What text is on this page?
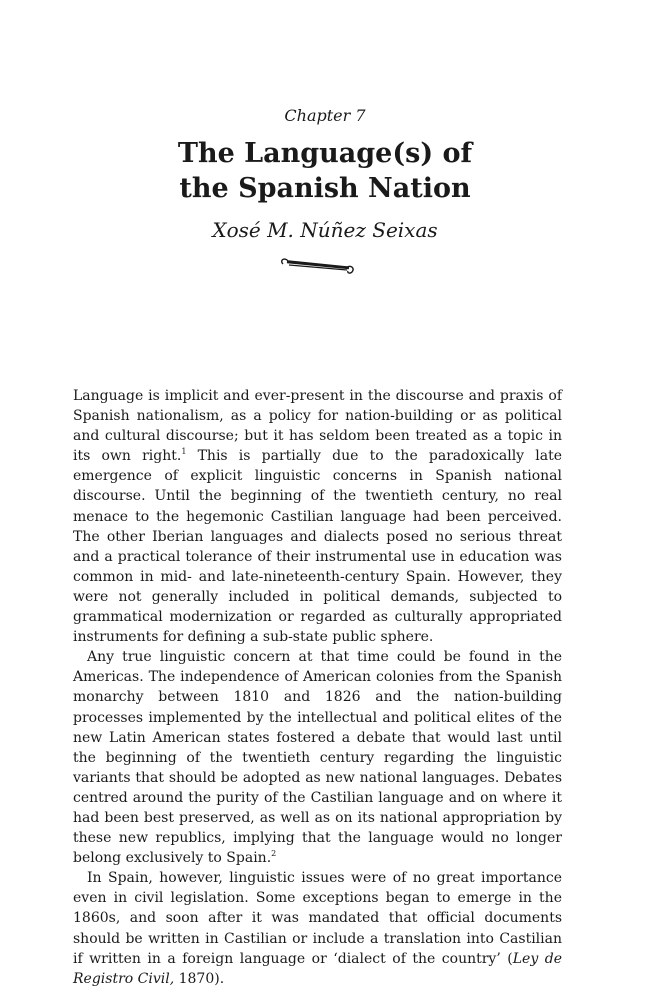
Chapter 7
The Language(s) of
the Spanish Nation
Xosé M. Núñez Seixas

Language is implicit and ever-present in the discourse and praxis of Spanish nationalism, as a policy for nation-building or as political and cultural discourse; but it has seldom been treated as a topic in its own right.$^1$ This is partially due to the paradoxically late emergence of explicit linguistic concerns in Spanish national discourse. Until the beginning of the twentieth century, no real menace to the hegemonic Castilian language had been perceived. The other Iberian languages and dialects posed no serious threat and a practical tolerance of their instrumental use in education was common in mid- and late-nineteenth-century Spain. However, they were not generally included in political demands, subjected to grammatical modernization or regarded as culturally appropriated instruments for defining a sub-state public sphere.

Any true linguistic concern at that time could be found in the Americas. The independence of American colonies from the Spanish monarchy between 1810 and 1826 and the nation-building processes implemented by the intellectual and political elites of the new Latin American states fostered a debate that would last until the beginning of the twentieth century regarding the linguistic variants that should be adopted as new national languages. Debates centred around the purity of the Castilian language and on where it had been best preserved, as well as on its national appropriation by these new republics, implying that the language would no longer belong exclusively to Spain.$^2$

In Spain, however, linguistic issues were of no great importance even in civil legislation. Some exceptions began to emerge in the 1860s, and soon after it was mandated that official documents should be written in Castilian or include a translation into Castilian if written in a foreign language or ‘dialect of the country’ (Ley de Registro Civil, 1870).
